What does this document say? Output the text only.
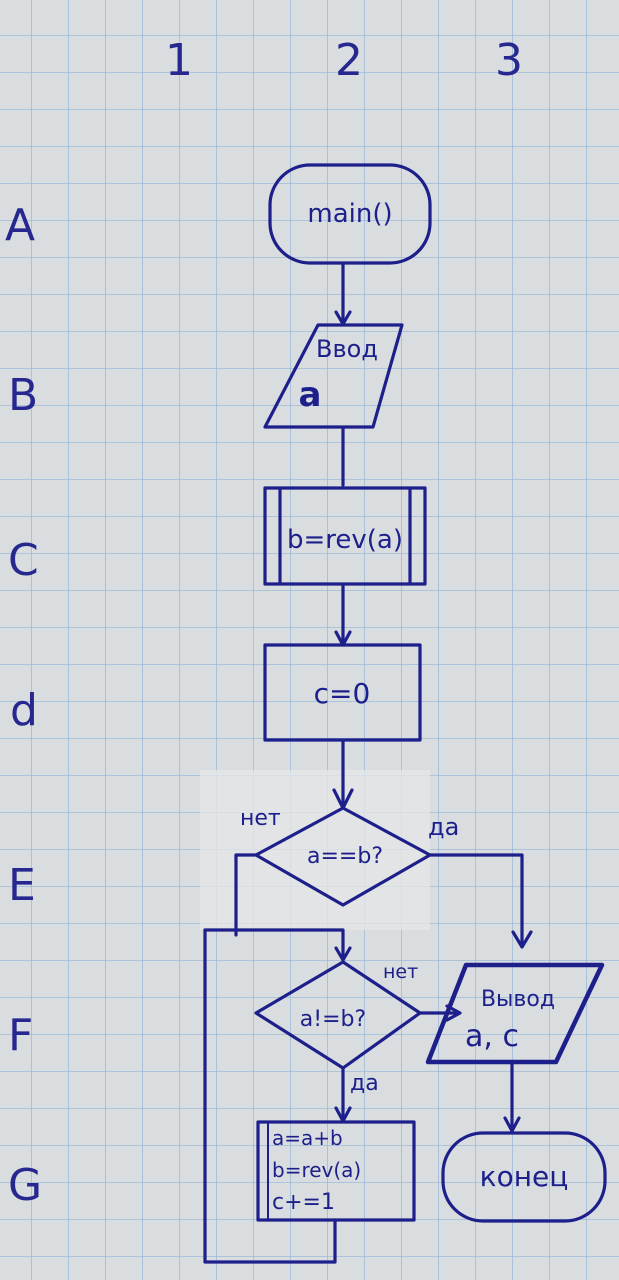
1	2	3
A
B
C
d
E
F
G
main()
Ввод
a
b=rev(a)
c=0
a==b?
нет	да
a!=b?
нет
да
a=a+b
b=rev(a)
c+=1
Вывод
a, c
конец
